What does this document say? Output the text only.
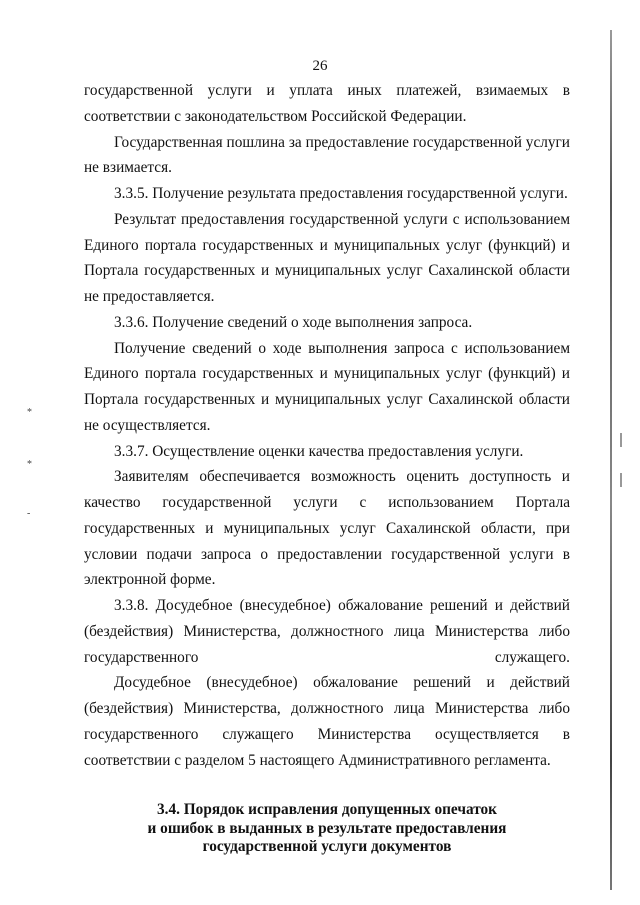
26

государственной услуги и уплата иных платежей, взимаемых в соответствии с законодательством Российской Федерации.

Государственная пошлина за предоставление государственной услуги не взимается.

3.3.5. Получение результата предоставления государственной услуги.

Результат предоставления государственной услуги с использованием Единого портала государственных и муниципальных услуг (функций) и Портала государственных и муниципальных услуг Сахалинской области не предоставляется.

3.3.6. Получение сведений о ходе выполнения запроса.

Получение сведений о ходе выполнения запроса с использованием Единого портала государственных и муниципальных услуг (функций) и Портала государственных и муниципальных услуг Сахалинской области не осуществляется.

3.3.7. Осуществление оценки качества предоставления услуги.

Заявителям обеспечивается возможность оценить доступность и качество государственной услуги с использованием Портала государственных и муниципальных услуг Сахалинской области, при условии подачи запроса о предоставлении государственной услуги в электронной форме.

3.3.8. Досудебное (внесудебное) обжалование решений и действий (бездействия) Министерства, должностного лица Министерства либо государственного служащего.

Досудебное (внесудебное) обжалование решений и действий (бездействия) Министерства, должностного лица Министерства либо государственного служащего Министерства осуществляется в соответствии с разделом 5 настоящего Административного регламента.

3.4. Порядок исправления допущенных опечаток
и ошибок в выданных в результате предоставления
государственной услуги документов

*
*
-
